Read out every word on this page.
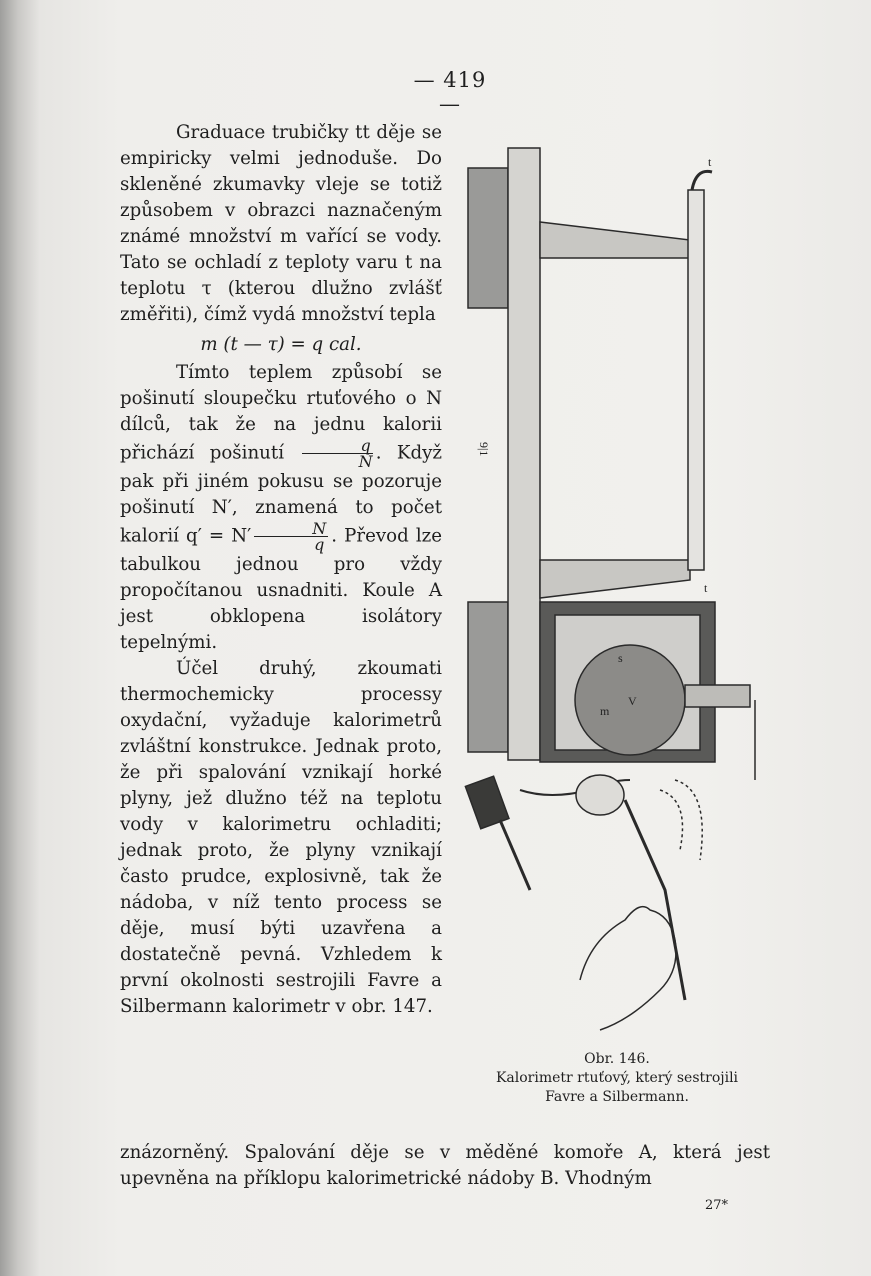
— 419 —

Graduace trubičky tt děje se empiricky velmi jednoduše. Do skleněné zkumavky vleje se totiž způsobem v obrazci naznačeným známé množství m vařící se vody. Tato se ochladí z teploty varu t na teplotu τ (kterou dlužno zvlášť změřiti), čímž vydá množství tepla

m (t — τ) = q cal.

Tímto teplem způsobí se pošinutí sloupečku rtuťového o N dílců, tak že na jednu kalorii přichází pošinutí $\frac{q}{N}$ . Když pak při jiném pokusu se pozoruje pošinutí N′, znamená to počet kalorií $q' = N' \frac{N}{q}$ . Převod lze tabulkou jednou pro vždy propočítanou usnadniti. Koule A jest obklopena isolátory tepelnými.

Účel druhý, zkoumati thermochemicky processy oxydační, vyžaduje kalorimetrů zvláštní konstrukce. Jednak proto, že při spalování vznikají horké plyny, jež dlužno též na teplotu vody v kalorimetru ochladiti; jednak proto, že plyny vznikají často prudce, explosivně, tak že nádoba, v níž tento process se děje, musí býti uzavřena a dostatečně pevná. Vzhledem k první okolnosti sestrojili Favre a Silbermann kalorimetr v obr. 147.

t
t
9|1
s
V
m
Obr. 146.
Kalorimetr rtuťový, který sestrojili
Favre a Silbermann.

znázorněný. Spalování děje se v měděné komoře A, která jest upevněna na příklopu kalorimetrické nádoby B. Vhodným

27*
